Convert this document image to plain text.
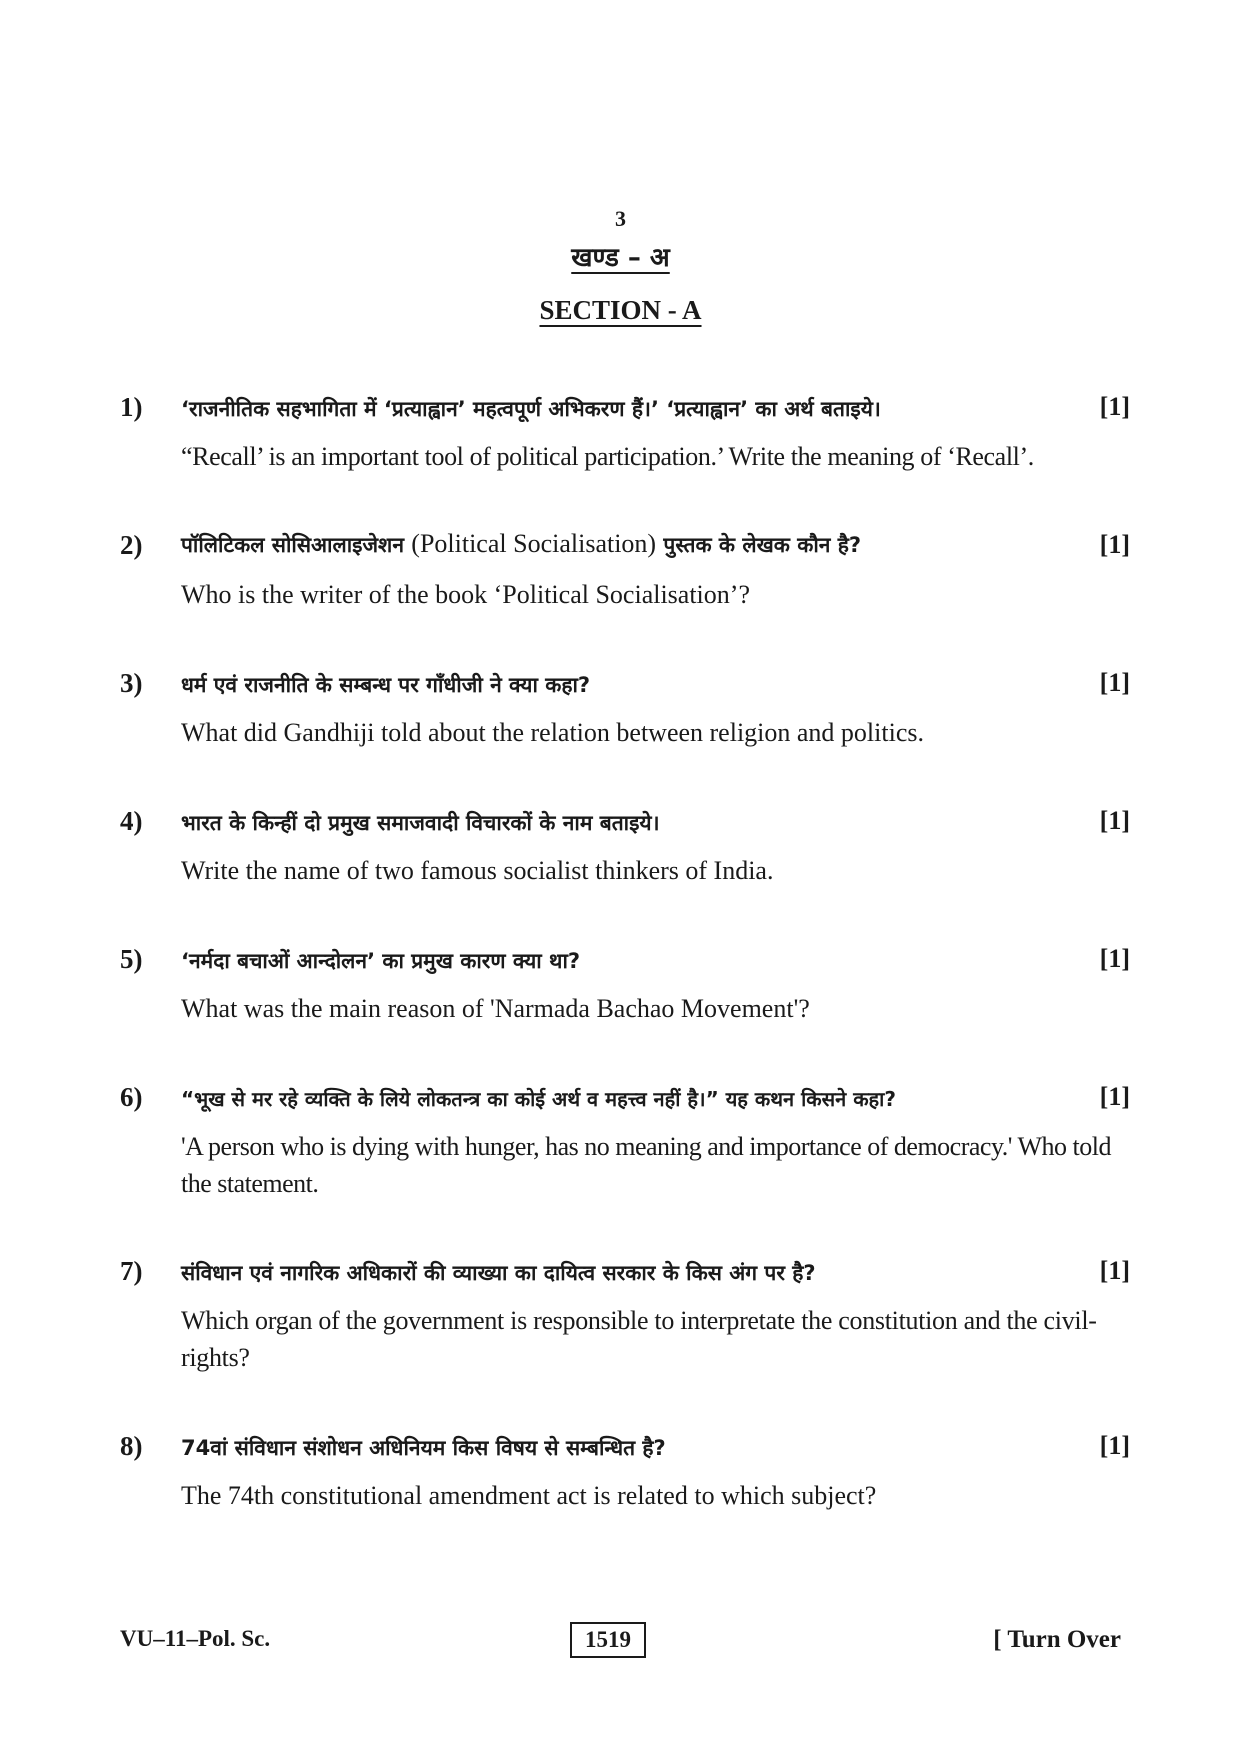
3
खण्ड – अ
SECTION - A
1) ‘राजनीतिक सहभागिता में ‘प्रत्याह्वान’ महत्वपूर्ण अभिकरण हैं।’ ‘प्रत्याह्वान’ का अर्थ बताइये।	[1]
“Recall’ is an important tool of political participation.’ Write the meaning of ‘Recall’.
2) पॉलिटिकल सोसिआलाइजेशन (Political Socialisation) पुस्तक के लेखक कौन है?	[1]
Who is the writer of the book ‘Political Socialisation’?
3) धर्म एवं राजनीति के सम्बन्ध पर गाँधीजी ने क्या कहा?	[1]
What did Gandhiji told about the relation between religion and politics.
4) भारत के किन्हीं दो प्रमुख समाजवादी विचारकों के नाम बताइये।	[1]
Write the name of two famous socialist thinkers of India.
5) ‘नर्मदा बचाओं आन्दोलन’ का प्रमुख कारण क्या था?	[1]
What was the main reason of 'Narmada Bachao Movement'?
6) “भूख से मर रहे व्यक्ति के लिये लोकतन्त्र का कोई अर्थ व महत्त्व नहीं है।” यह कथन किसने कहा?	[1]
'A person who is dying with hunger, has no meaning and importance of democracy.' Who told the statement.
7) संविधान एवं नागरिक अधिकारों की व्याख्या का दायित्व सरकार के किस अंग पर है?	[1]
Which organ of the government is responsible to interpretate the constitution and the civil-rights?
8) 74वां संविधान संशोधन अधिनियम किस विषय से सम्बन्धित है?	[1]
The 74th constitutional amendment act is related to which subject?
VU–11–Pol. Sc.	1519	[ Turn Over
